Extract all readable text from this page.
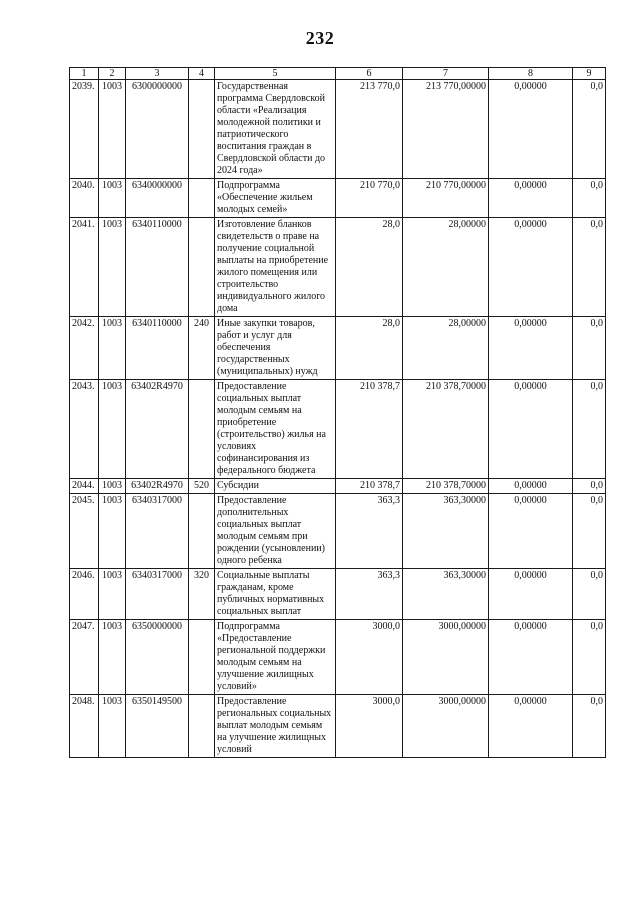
232
1	2	3	4	5	6	7	8	9
2039.	1003	6300000000		Государственная программа Свердловской области «Реализация молодежной политики и патриотического воспитания граждан в Свердловской области до 2024 года»	213 770,0	213 770,00000	0,00000	0,0
2040.	1003	6340000000		Подпрограмма «Обеспечение жильем молодых семей»	210 770,0	210 770,00000	0,00000	0,0
2041.	1003	6340110000		Изготовление бланков свидетельств о праве на получение социальной выплаты на приобретение жилого помещения или строительство индивидуального жилого дома	28,0	28,00000	0,00000	0,0
2042.	1003	6340110000	240	Иные закупки товаров, работ и услуг для обеспечения государственных (муниципальных) нужд	28,0	28,00000	0,00000	0,0
2043.	1003	63402R4970		Предоставление социальных выплат молодым семьям на приобретение (строительство) жилья на условиях софинансирования из федерального бюджета	210 378,7	210 378,70000	0,00000	0,0
2044.	1003	63402R4970	520	Субсидии	210 378,7	210 378,70000	0,00000	0,0
2045.	1003	6340317000		Предоставление дополнительных социальных выплат молодым семьям при рождении (усыновлении) одного ребенка	363,3	363,30000	0,00000	0,0
2046.	1003	6340317000	320	Социальные выплаты гражданам, кроме публичных нормативных социальных выплат	363,3	363,30000	0,00000	0,0
2047.	1003	6350000000		Подпрограмма «Предоставление региональной поддержки молодым семьям на улучшение жилищных условий»	3000,0	3000,00000	0,00000	0,0
2048.	1003	6350149500		Предоставление региональных социальных выплат молодым семьям на улучшение жилищных условий	3000,0	3000,00000	0,00000	0,0
